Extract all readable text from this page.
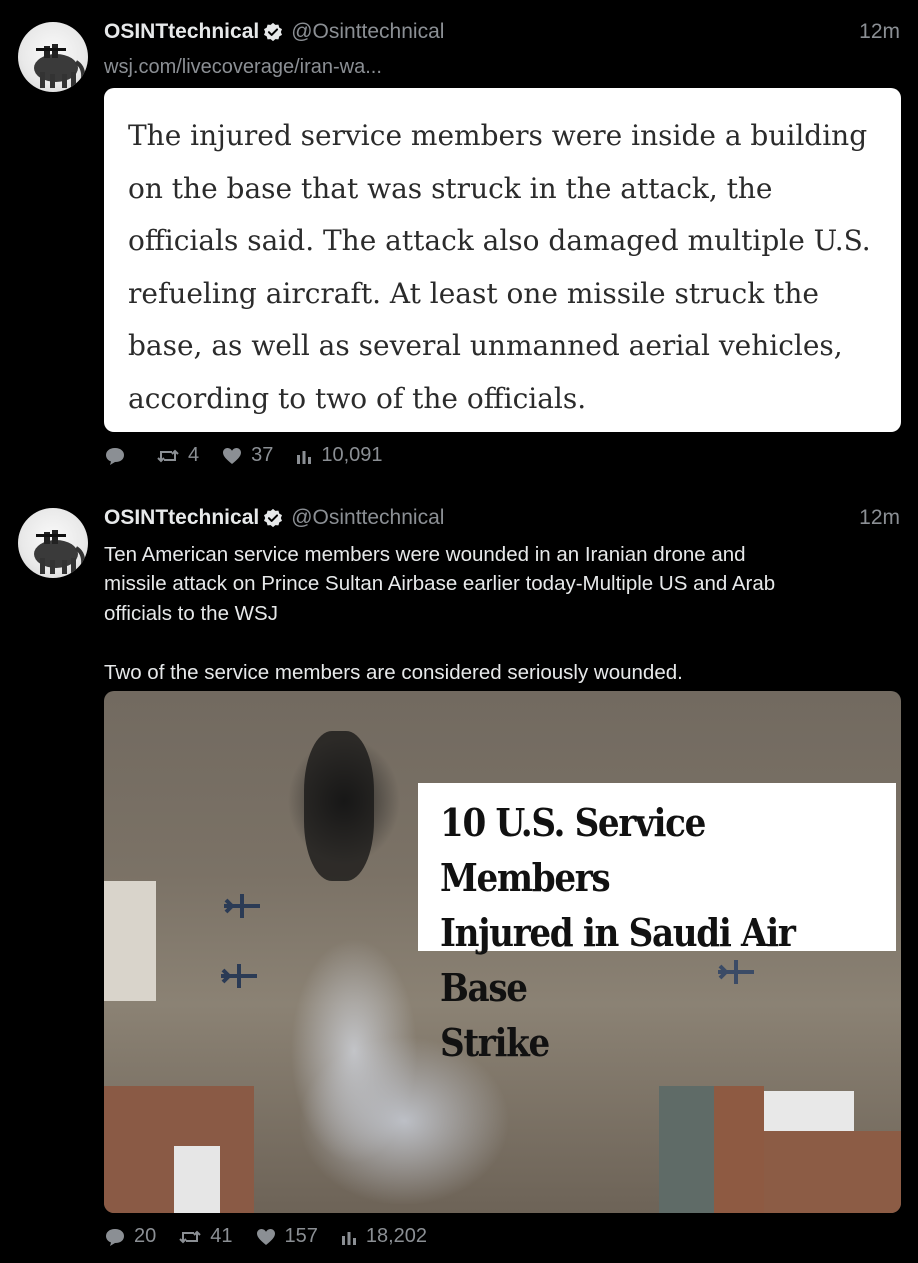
OSINTtechnical @Osinttechnical	12m
wsj.com/livecoverage/iran-wa...
The injured service members were inside a building
on the base that was struck in the attack, the
officials said. The attack also damaged multiple U.S.
refueling aircraft. At least one missile struck the
base, as well as several unmanned aerial vehicles,
according to two of the officials.
4	37 10,091
OSINTtechnical @Osinttechnical	12m
Ten American service members were wounded in an Iranian drone and
missile attack on Prince Sultan Airbase earlier today-Multiple US and Arab
officials to the WSJ

Two of the service members are considered seriously wounded.
10 U.S. Service Members
Injured in Saudi Air Base
Strike
20	41	157 18,202
